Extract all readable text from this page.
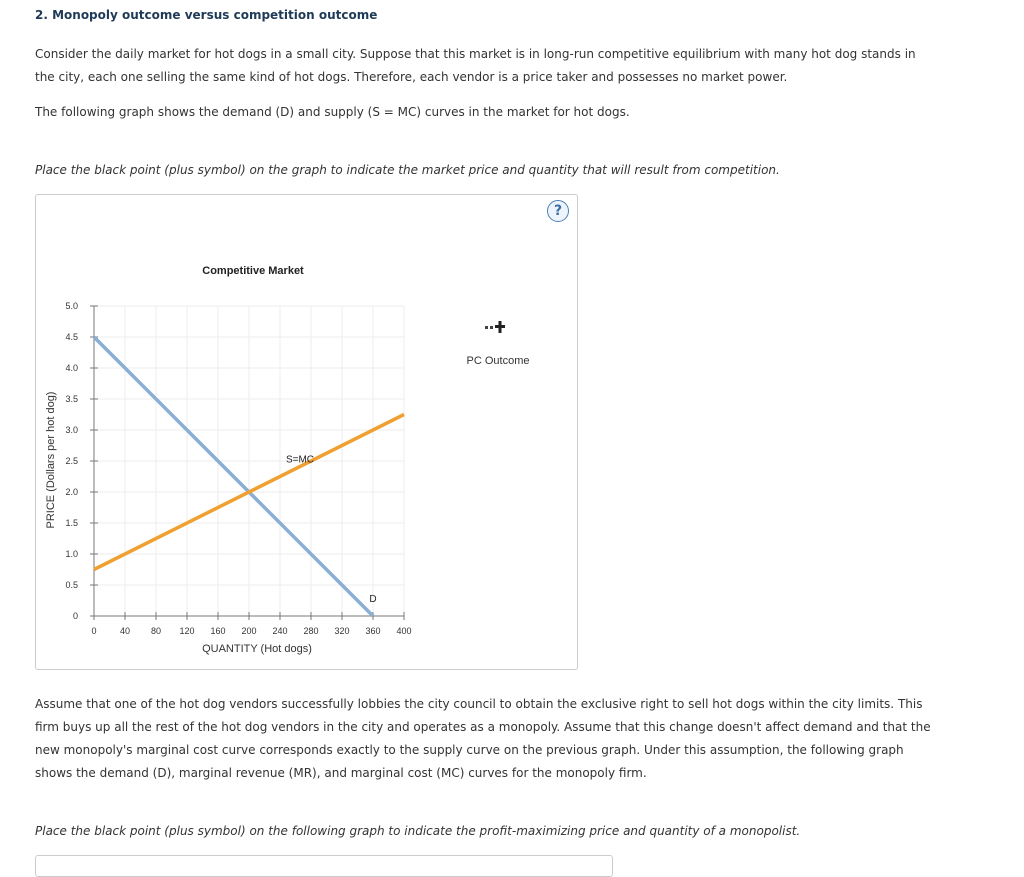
2. Monopoly outcome versus competition outcome

Consider the daily market for hot dogs in a small city. Suppose that this market is in long-run competitive equilibrium with many hot dog stands in the city, each one selling the same kind of hot dogs. Therefore, each vendor is a price taker and possesses no market power.

The following graph shows the demand (D) and supply (S = MC) curves in the market for hot dogs.

Place the black point (plus symbol) on the graph to indicate the market price and quantity that will result from competition.

?
Competitive Market
0	40 80 120 160 200 240 280 320 360 400
0
0.5
1.0
1.5
2.0
2.5
3.0
3.5
4.0
4.5
5.0
QUANTITY (Hot dogs)
PRICE (Dollars per hot dog)
D
S=MC
PC Outcome

Assume that one of the hot dog vendors successfully lobbies the city council to obtain the exclusive right to sell hot dogs within the city limits. This firm buys up all the rest of the hot dog vendors in the city and operates as a monopoly. Assume that this change doesn't affect demand and that the new monopoly's marginal cost curve corresponds exactly to the supply curve on the previous graph. Under this assumption, the following graph shows the demand (D), marginal revenue (MR), and marginal cost (MC) curves for the monopoly firm.

Place the black point (plus symbol) on the following graph to indicate the profit-maximizing price and quantity of a monopolist.
